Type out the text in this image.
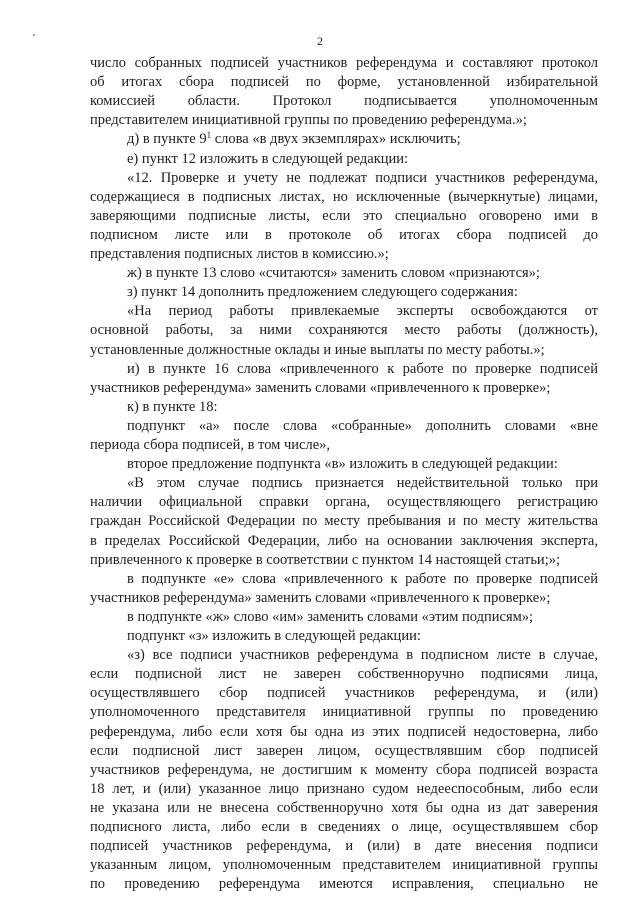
2
число собранных подписей участников референдума и составляют протокол
об итогах сбора подписей по форме, установленной избирательной
комиссией области. Протокол подписывается уполномоченным
представителем инициативной группы по проведению референдума.»;
д) в пункте $9^1$ слова «в двух экземплярах» исключить;
е) пункт 12 изложить в следующей редакции:
«12. Проверке и учету не подлежат подписи участников референдума,
содержащиеся в подписных листах, но исключенные (вычеркнутые) лицами,
заверяющими подписные листы, если это специально оговорено ими в
подписном листе или в протоколе об итогах сбора подписей до
представления подписных листов в комиссию.»;
ж) в пункте 13 слово «считаются» заменить словом «признаются»;
з) пункт 14 дополнить предложением следующего содержания:
«На период работы привлекаемые эксперты освобождаются от
основной работы, за ними сохраняются место работы (должность),
установленные должностные оклады и иные выплаты по месту работы.»;
и) в пункте 16 слова «привлеченного к работе по проверке подписей
участников референдума» заменить словами «привлеченного к проверке»;
к) в пункте 18:
подпункт «а» после слова «собранные» дополнить словами «вне
периода сбора подписей, в том числе»,
второе предложение подпункта «в» изложить в следующей редакции:
«В этом случае подпись признается недействительной только при
наличии официальной справки органа, осуществляющего регистрацию
граждан Российской Федерации по месту пребывания и по месту жительства
в пределах Российской Федерации, либо на основании заключения эксперта,
привлеченного к проверке в соответствии с пунктом 14 настоящей статьи;»;
в подпункте «е» слова «привлеченного к работе по проверке подписей
участников референдума» заменить словами «привлеченного к проверке»;
в подпункте «ж» слово «им» заменить словами «этим подписям»;
подпункт «з» изложить в следующей редакции:
«з) все подписи участников референдума в подписном листе в случае,
если подписной лист не заверен собственноручно подписями лица,
осуществлявшего сбор подписей участников референдума, и (или)
уполномоченного представителя инициативной группы по проведению
референдума, либо если хотя бы одна из этих подписей недостоверна, либо
если подписной лист заверен лицом, осуществлявшим сбор подписей
участников референдума, не достигшим к моменту сбора подписей возраста
18 лет, и (или) указанное лицо признано судом недееспособным, либо если
не указана или не внесена собственноручно хотя бы одна из дат заверения
подписного листа, либо если в сведениях о лице, осуществлявшем сбор
подписей участников референдума, и (или) в дате внесения подписи
указанным лицом, уполномоченным представителем инициативной группы
по проведению референдума имеются исправления, специально не
